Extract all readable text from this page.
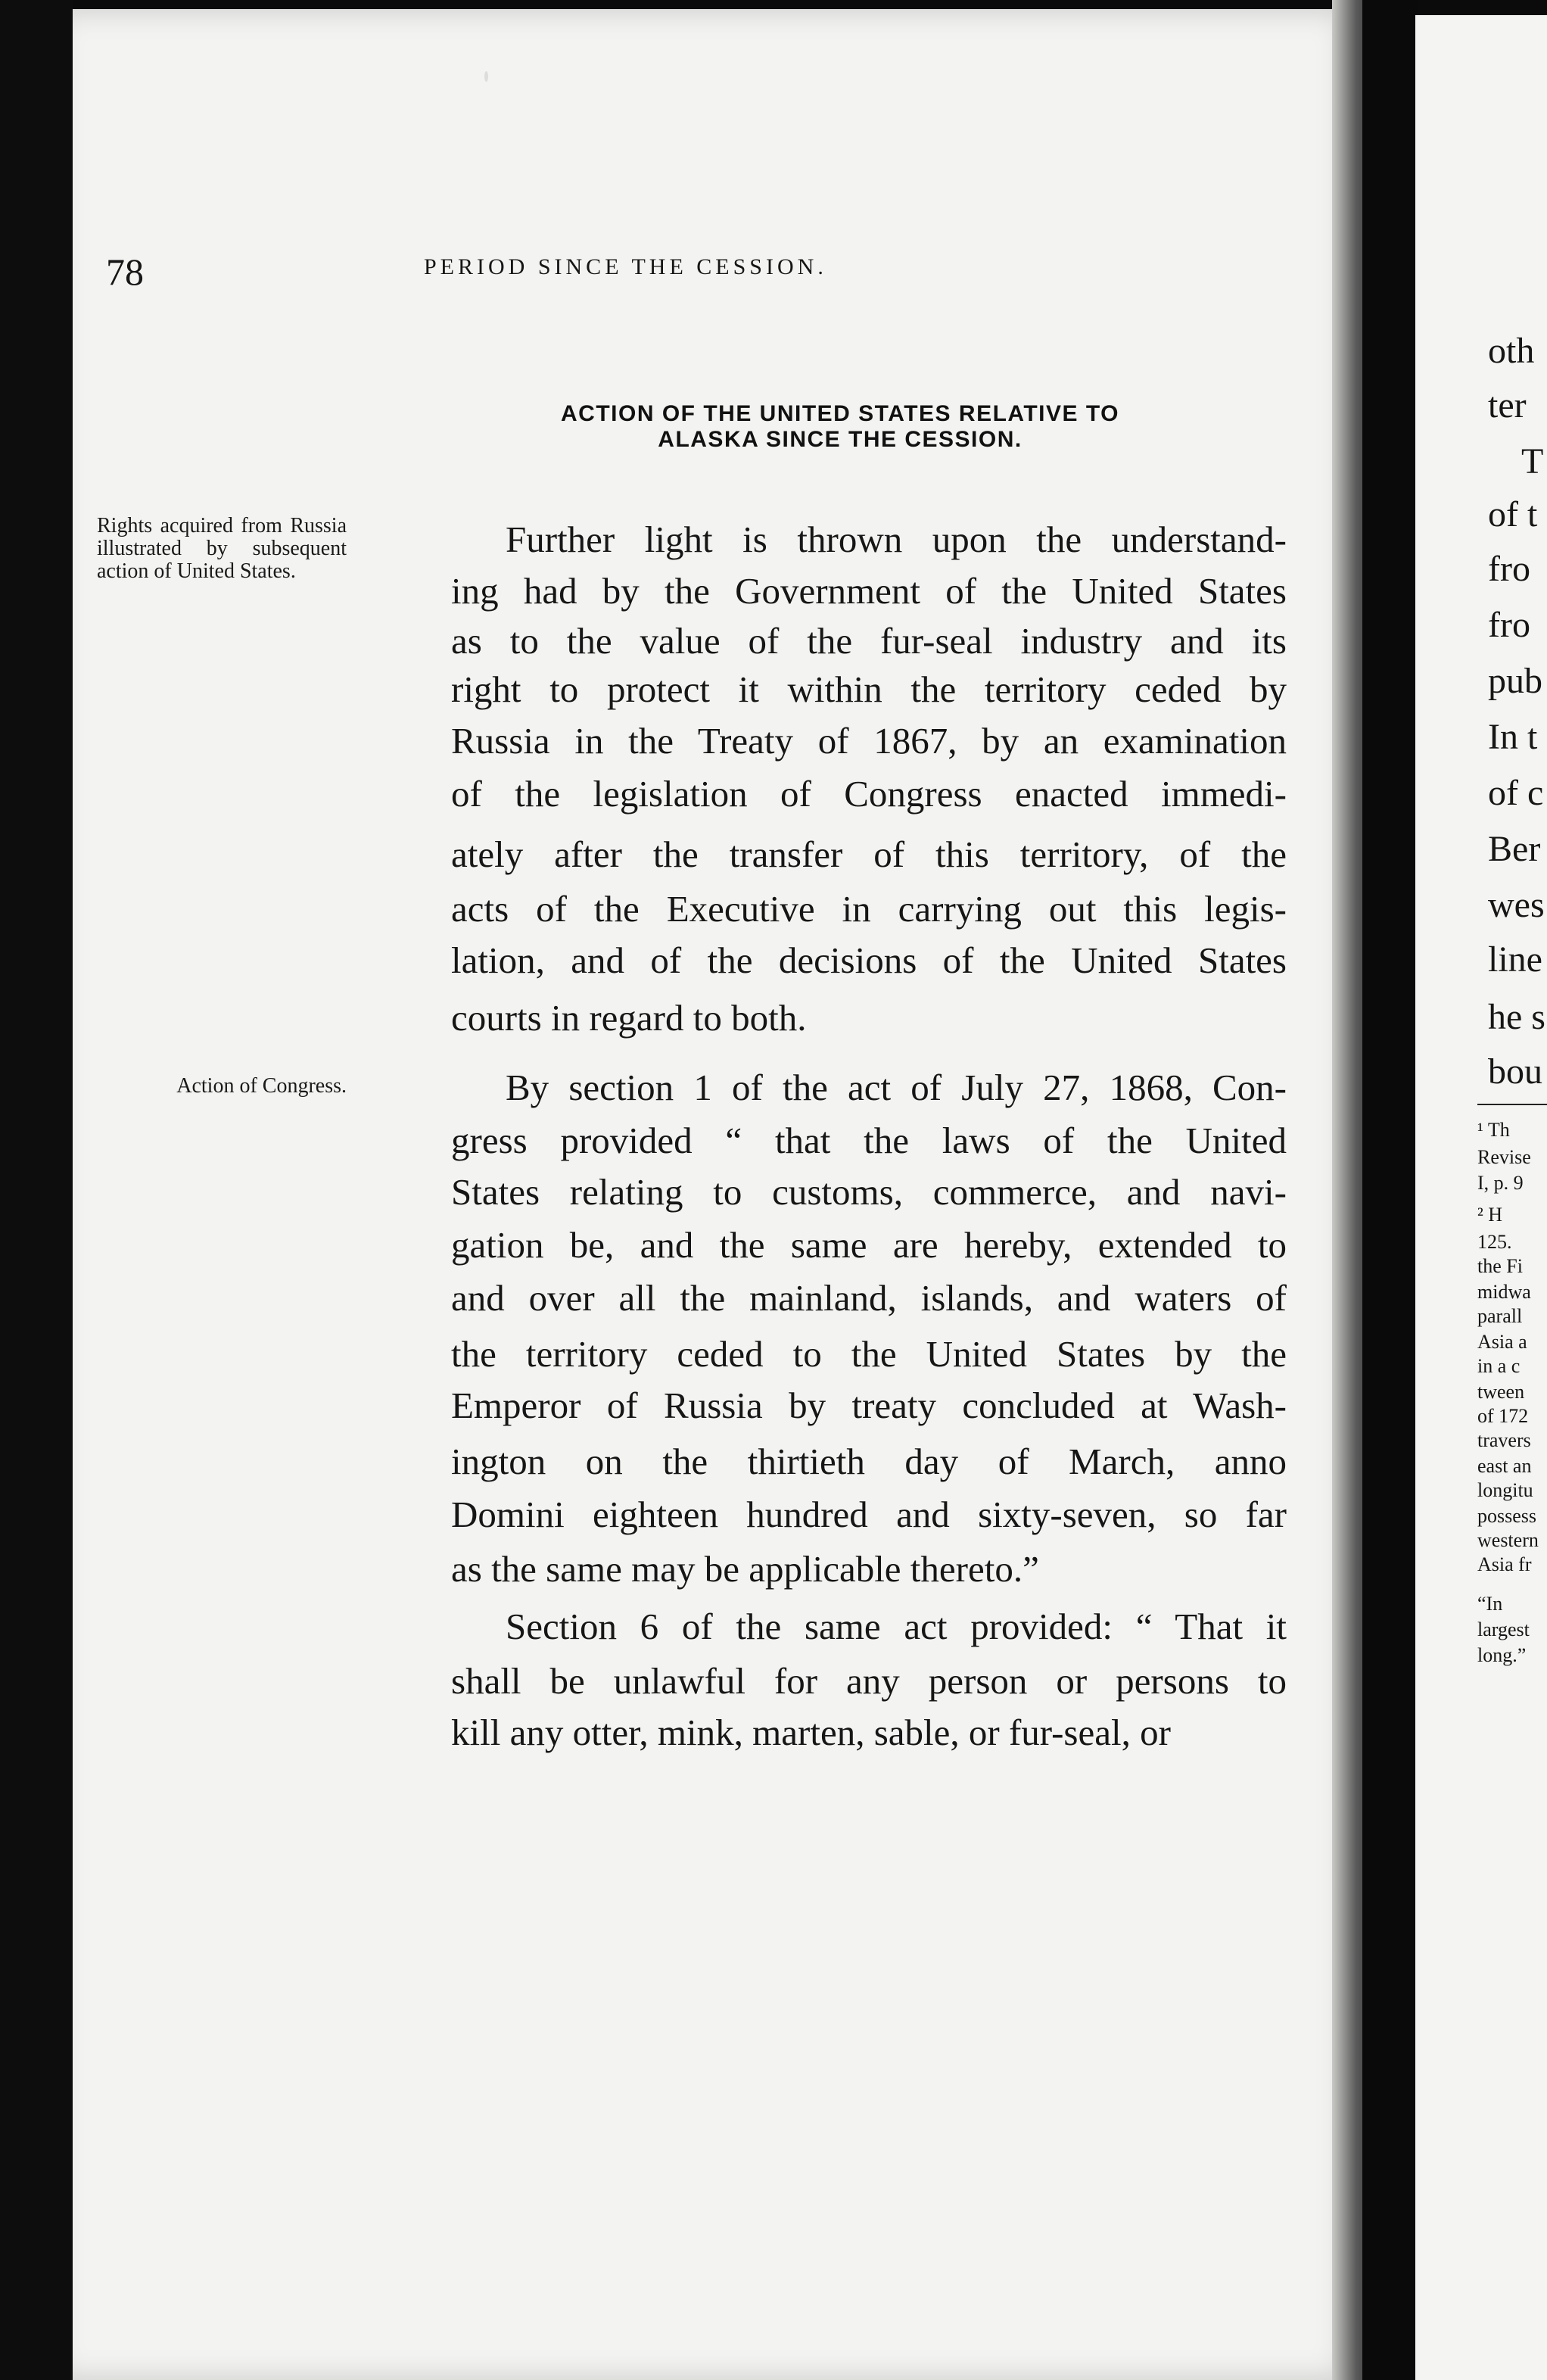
oth
ter
T
of t
fro
fro
pub
In t
of c
Ber
wes
line
he s
bou
¹ Th
Revise
I, p. 9
² H
125.
the Fi
midwa
parall
Asia a
in a c
tween
of 172
travers
east an
longitu
possess
western
Asia fr
“In
largest
long.”
78	PERIOD SINCE THE CESSION.
ACTION OF THE UNITED STATES RELATIVE TO
ALASKA SINCE THE CESSION.
Rights acquired from Russia illustrated by subsequent action of United States.
Action of Congress.
Further light is thrown upon the understand-
ing had by the Government of the United States
as to the value of the fur-seal industry and its
right to protect it within the territory ceded by
Russia in the Treaty of 1867, by an examination
of the legislation of Congress enacted immedi-
ately after the transfer of this territory, of the
acts of the Executive in carrying out this legis-
lation, and of the decisions of the United States
courts in regard to both.
By section 1 of the act of July 27, 1868, Con-
gress provided “ that the laws of the United
States relating to customs, commerce, and navi-
gation be, and the same are hereby, extended to
and over all the mainland, islands, and waters of
the territory ceded to the United States by the
Emperor of Russia by treaty concluded at Wash-
ington on the thirtieth day of March, anno
Domini eighteen hundred and sixty-seven, so far
as the same may be applicable thereto.”
Section 6 of the same act provided: “ That it
shall be unlawful for any person or persons to
kill any otter, mink, marten, sable, or fur-seal, or
